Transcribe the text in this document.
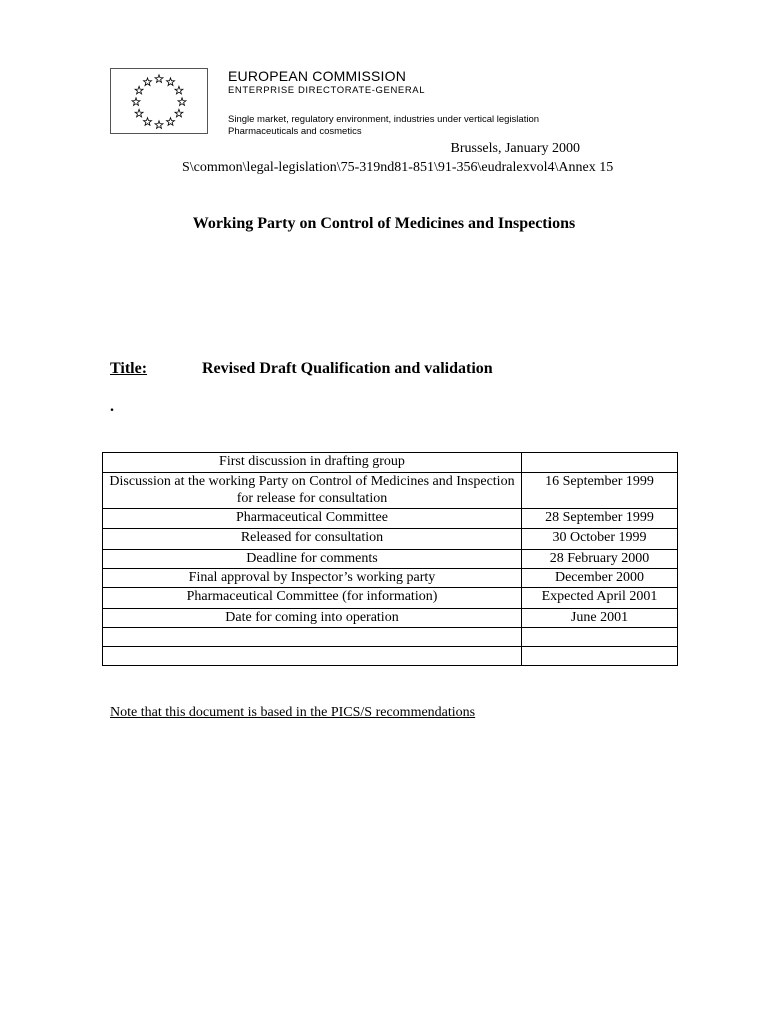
EUROPEAN COMMISSION
ENTERPRISE DIRECTORATE-GENERAL
Single market, regulatory environment, industries under vertical legislation
Pharmaceuticals and cosmetics
Brussels, January 2000
S\common\legal-legislation\75-319nd81-851\91-356\eudralexvol4\Annex 15
Working Party on Control of Medicines and Inspections
Title:	Revised Draft Qualification and validation
.
First discussion in drafting group	
Discussion at the working Party on Control of Medicines and Inspection for release for consultation	16 September 1999
Pharmaceutical Committee	28 September 1999
Released for consultation	30 October 1999
Deadline for comments	28 February 2000
Final approval by Inspector’s working party	December 2000
Pharmaceutical Committee (for information)	Expected April 2001
Date for coming into operation	June 2001

Note that this document is based in the PICS/S recommendations
